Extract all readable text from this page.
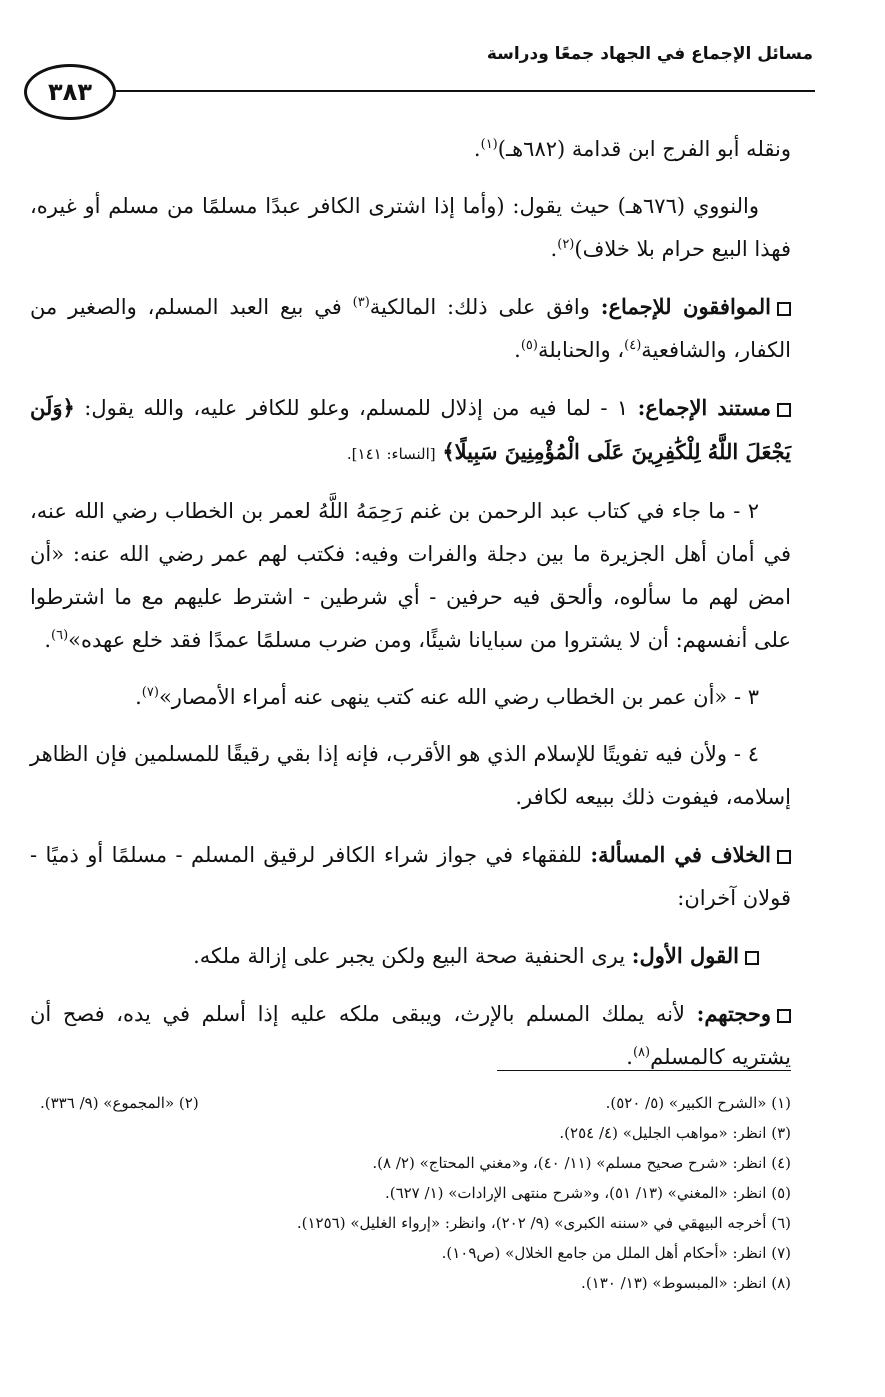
مسائل الإجماع في الجهاد جمعًا ودراسة
٣٨٣

ونقله أبو الفرج ابن قدامة (٦٨٢هـ)$^{(١)}$.

والنووي (٦٧٦هـ) حيث يقول: (وأما إذا اشترى الكافر عبدًا مسلمًا من مسلم أو غيره، فهذا البيع حرام بلا خلاف)$^{(٢)}$.

الموافقون للإجماع: وافق على ذلك: المالكية$^{(٣)}$ في بيع العبد المسلم، والصغير من الكفار، والشافعية$^{(٤)}$، والحنابلة$^{(٥)}$.

مستند الإجماع: ١ - لما فيه من إذلال للمسلم، وعلو للكافر عليه، والله يقول: ﴿وَلَن يَجْعَلَ اللَّهُ لِلْكَٰفِرِينَ عَلَى الْمُؤْمِنِينَ سَبِيلًا﴾ [النساء: ١٤١].

٢ - ما جاء في كتاب عبد الرحمن بن غنم رَحِمَهُ اللَّهُ لعمر بن الخطاب رضي الله عنه، في أمان أهل الجزيرة ما بين دجلة والفرات وفيه: فكتب لهم عمر رضي الله عنه: «أن امض لهم ما سألوه، وألحق فيه حرفين - أي شرطين - اشترط عليهم مع ما اشترطوا على أنفسهم: أن لا يشتروا من سبايانا شيئًا، ومن ضرب مسلمًا عمدًا فقد خلع عهده»$^{(٦)}$.

٣ - «أن عمر بن الخطاب رضي الله عنه كتب ينهى عنه أمراء الأمصار»$^{(٧)}$.

٤ - ولأن فيه تفويتًا للإسلام الذي هو الأقرب، فإنه إذا بقي رقيقًا للمسلمين فإن الظاهر إسلامه، فيفوت ذلك ببيعه لكافر.

الخلاف في المسألة: للفقهاء في جواز شراء الكافر لرقيق المسلم - مسلمًا أو ذميًا - قولان آخران:

القول الأول: يرى الحنفية صحة البيع ولكن يجبر على إزالة ملكه.

وحجتهم: لأنه يملك المسلم بالإرث، ويبقى ملكه عليه إذا أسلم في يده، فصح أن يشتريه كالمسلم$^{(٨)}$.

(١) «الشرح الكبير» (٥/ ٥٢٠).
(٢) «المجموع» (٩/ ٣٣٦).
(٣) انظر: «مواهب الجليل» (٤/ ٢٥٤).
(٤) انظر: «شرح صحيح مسلم» (١١/ ٤٠)، و«مغني المحتاج» (٢/ ٨).
(٥) انظر: «المغني» (١٣/ ٥١)، و«شرح منتهى الإرادات» (١/ ٦٢٧).
(٦) أخرجه البيهقي في «سننه الكبرى» (٩/ ٢٠٢)، وانظر: «إرواء الغليل» (١٢٥٦).
(٧) انظر: «أحكام أهل الملل من جامع الخلال» (ص١٠٩).
(٨) انظر: «المبسوط» (١٣/ ١٣٠).
